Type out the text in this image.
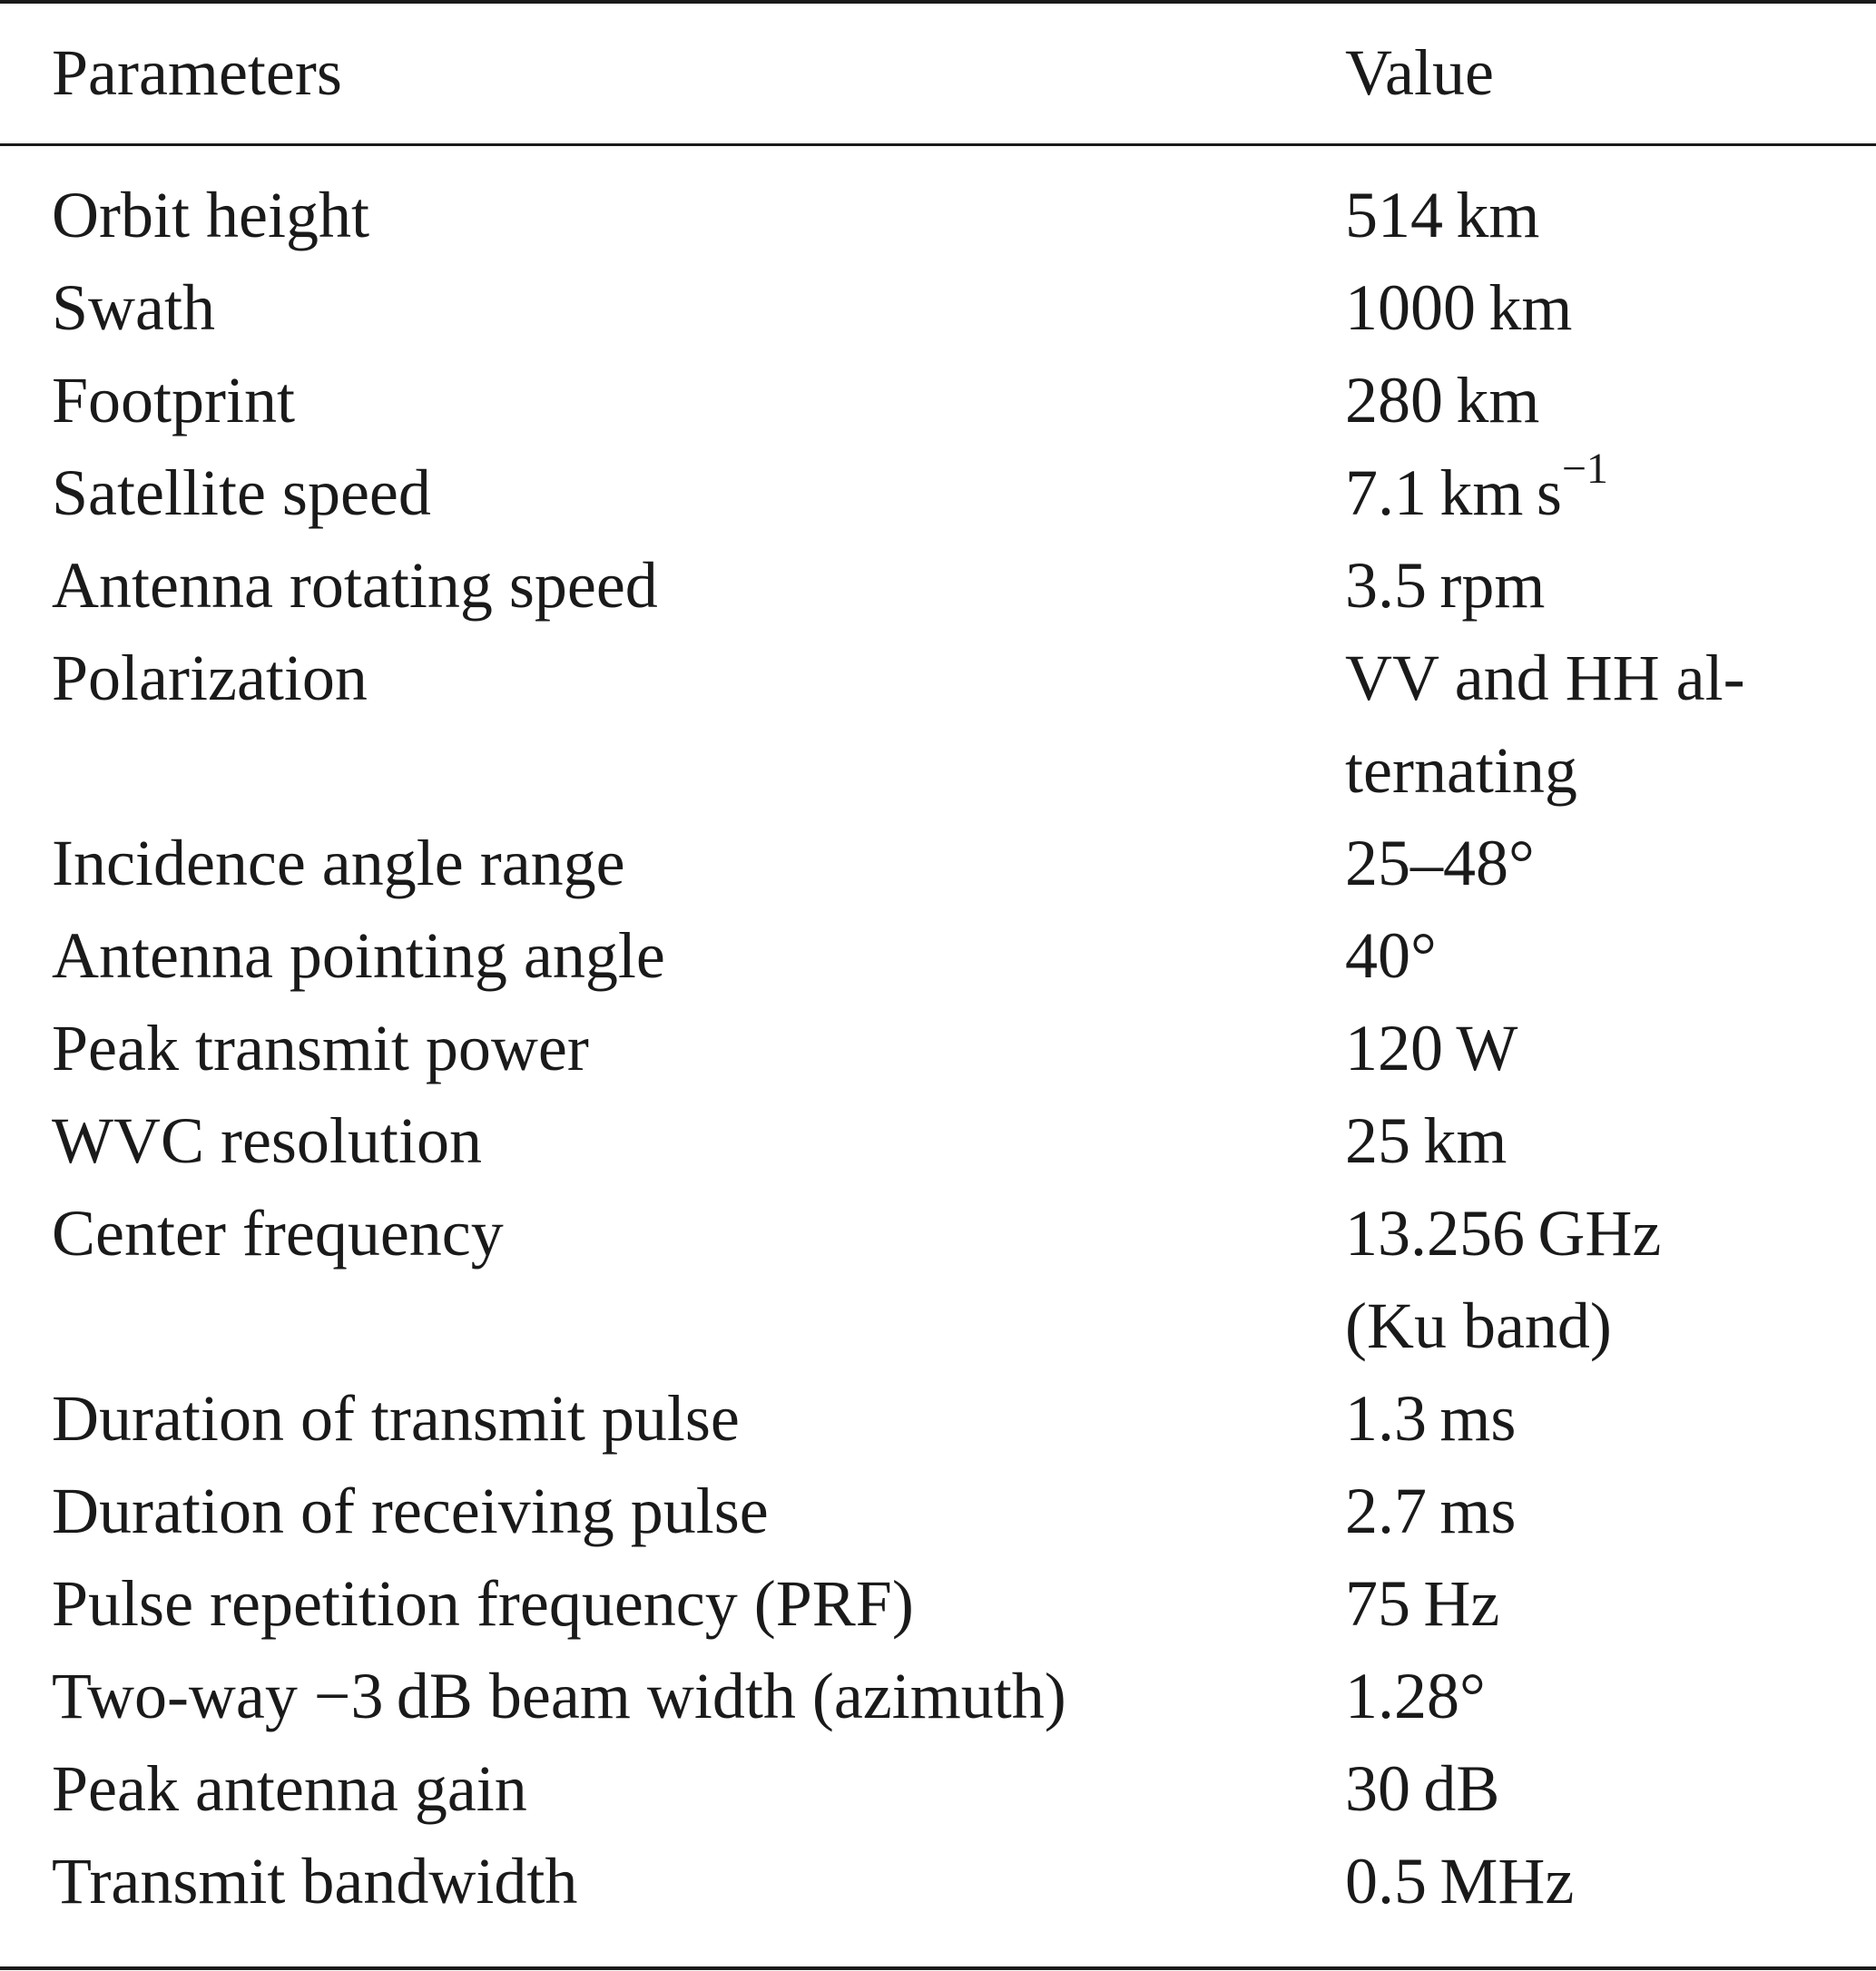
Parameters	Value
Orbit height	514 km
Swath	1000 km
Footprint	280 km
Satellite speed	7.1 km $s^{-1}$
Antenna rotating speed	3.5 rpm
Polarization	VV and HH al-
ternating
Incidence angle range	25–48°
Antenna pointing angle	40°
Peak transmit power	120 W
WVC resolution	25 km
Center frequency	13.256 GHz
(Ku band)
Duration of transmit pulse	1.3 ms
Duration of receiving pulse	2.7 ms
Pulse repetition frequency (PRF)	75 Hz
Two-way −3 dB beam width (azimuth)	1.28°
Peak antenna gain	30 dB
Transmit bandwidth	0.5 MHz
